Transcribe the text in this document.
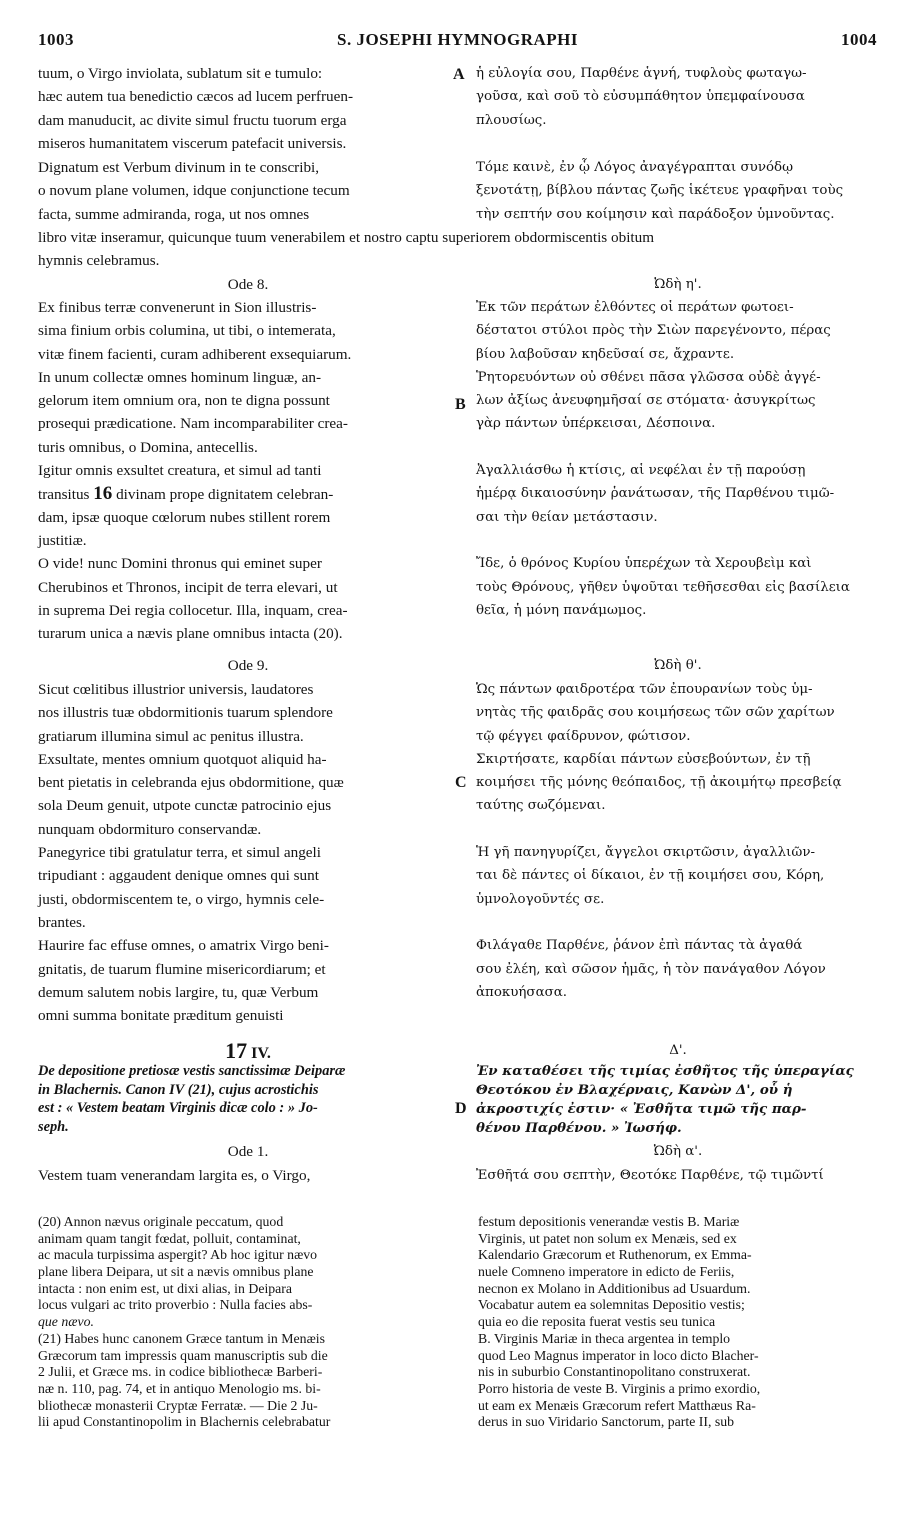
1003	S. JOSEPHI HYMNOGRAPHI	1004
A
B
C
D
tuum, o Virgo inviolata, sublatum sit e tumulo:
hæc autem tua benedictio cæcos ad lucem perfruen-
dam manuducit, ac divite simul fructu tuorum erga
miseros humanitatem viscerum patefacit universis.
ἡ εὐλογία σου, Παρθένε ἁγνή, τυφλοὺς φωταγω-
γοῦσα, καὶ σοῦ τὸ εὐσυμπάθητον ὑπεμφαίνουσα
πλουσίως.
Dignatum est Verbum divinum in te conscribi,
o novum plane volumen, idque conjunctione tecum
facta, summe admiranda, roga, ut nos omnes
Τόμε καινὲ, ἐν ᾧ Λόγος ἀναγέγραπται συνόδῳ
ξενοτάτῃ, βίβλου πάντας ζωῆς ἱκέτευε γραφῆναι τοὺς
τὴν σεπτήν σου κοίμησιν καὶ παράδοξον ὑμνοῦντας.
libro vitæ inseramur, quicunque tuum venerabilem et nostro captu superiorem obdormiscentis obitum
hymnis celebramus.
Ode 8.	Ὠδὴ η'.
Ex finibus terræ convenerunt in Sion illustris-
sima finium orbis columina, ut tibi, o intemerata,
vitæ finem facienti, curam adhiberent exsequiarum.
In unum collectæ omnes hominum linguæ, an-
gelorum item omnium ora, non te digna possunt
prosequi prædicatione. Nam incomparabiliter crea-
turis omnibus, o Domina, antecellis.
Igitur omnis exsultet creatura, et simul ad tanti
transitus 16 divinam prope dignitatem celebran-
dam, ipsæ quoque cœlorum nubes stillent rorem
justitiæ.
O vide! nunc Domini thronus qui eminet super
Cherubinos et Thronos, incipit de terra elevari, ut
in suprema Dei regia collocetur. Illa, inquam, crea-
turarum unica a nævis plane omnibus intacta (20).
Ἐκ τῶν περάτων ἐλθόντες οἱ περάτων φωτοει-
δέστατοι στύλοι πρὸς τὴν Σιὼν παρεγένοντο, πέρας
βίου λαβοῦσαν κηδεῦσαί σε, ἄχραντε.
Ῥητορευόντων οὐ σθένει πᾶσα γλῶσσα οὐδὲ ἀγγέ-
λων ἀξίως ἀνευφημῆσαί σε στόματα· ἀσυγκρίτως
γὰρ πάντων ὑπέρκεισαι, Δέσποινα.
Ἀγαλλιάσθω ἡ κτίσις, αἱ νεφέλαι ἐν τῇ παρούσῃ
ἡμέρᾳ δικαιοσύνην ῥανάτωσαν, τῆς Παρθένου τιμῶ-
σαι τὴν θείαν μετάστασιν.
Ἴδε, ὁ θρόνος Κυρίου ὑπερέχων τὰ Χερουβεὶμ καὶ
τοὺς Θρόνους, γῆθεν ὑψοῦται τεθῆσεσθαι εἰς βασίλεια
θεῖα, ἡ μόνη πανάμωμος.
Ode 9.	Ὠδὴ θ'.
Sicut cœlitibus illustrior universis, laudatores
nos illustris tuæ obdormitionis tuarum splendore
gratiarum illumina simul ac penitus illustra.
Exsultate, mentes omnium quotquot aliquid ha-
bent pietatis in celebranda ejus obdormitione, quæ
sola Deum genuit, utpote cunctæ patrocinio ejus
nunquam obdormituro conservandæ.
Panegyrice tibi gratulatur terra, et simul angeli
tripudiant : aggaudent denique omnes qui sunt
justi, obdormiscentem te, o virgo, hymnis cele-
brantes.
Haurire fac effuse omnes, o amatrix Virgo beni-
gnitatis, de tuarum flumine misericordiarum; et
demum salutem nobis largire, tu, quæ Verbum
omni summa bonitate præditum genuisti
Ὡς πάντων φαιδροτέρα τῶν ἐπουρανίων τοὺς ὑμ-
νητὰς τῆς φαιδρᾶς σου κοιμήσεως τῶν σῶν χαρίτων
τῷ φέγγει φαίδρυνον, φώτισον.
Σκιρτήσατε, καρδίαι πάντων εὐσεβούντων, ἐν τῇ
κοιμήσει τῆς μόνης θεόπαιδος, τῇ ἀκοιμήτῳ πρεσβείᾳ
ταύτης σωζόμεναι.
Ἡ γῆ πανηγυρίζει, ἄγγελοι σκιρτῶσιν, ἀγαλλιῶν-
ται δὲ πάντες οἱ δίκαιοι, ἐν τῇ κοιμήσει σου, Κόρη,
ὑμνολογοῦντές σε.
Φιλάγαθε Παρθένε, ῥάνον ἐπὶ πάντας τὰ ἀγαθά
σου ἐλέη, καὶ σῶσον ἡμᾶς, ἡ τὸν πανάγαθον Λόγον
ἀποκυήσασα.
17 IV.	Δ'.
De depositione pretiosæ vestis sanctissimæ Deiparæ
in Blachernis. Canon IV (21), cujus acrostichis
est : « Vestem beatam Virginis dicæ colo : » Jo-
seph.
Ἐν καταθέσει τῆς τιμίας ἐσθῆτος τῆς ὑπεραγίας
Θεοτόκου ἐν Βλαχέρναις, Κανὼν Δ', οὗ ἡ
ἀκροστιχίς ἐστιν· « Ἐσθῆτα τιμῶ τῆς παρ-
θένου Παρθένου. » Ἰωσήφ.
Ode 1.	Ὠδὴ α'.
Vestem tuam venerandam largita es, o Virgo,	Ἐσθῆτά σου σεπτὴν, Θεοτόκε Παρθένε, τῷ τιμῶντί
(20) Annon nævus originale peccatum, quod
animam quam tangit fœdat, polluit, contaminat,
ac macula turpissima aspergit? Ab hoc igitur nævo
plane libera Deipara, ut sit a nævis omnibus plane
intacta : non enim est, ut dixi alias, in Deipara
locus vulgari ac trito proverbio : Nulla facies abs-
que nævo.
(21) Habes hunc canonem Græce tantum in Menæis
Græcorum tam impressis quam manuscriptis sub die
2 Julii, et Græce ms. in codice bibliothecæ Barberi-
næ n. 110, pag. 74, et in antiquo Menologio ms. bi-
bliothecæ monasterii Cryptæ Ferratæ. — Die 2 Ju-
lii apud Constantinopolim in Blachernis celebrabatur
festum depositionis venerandæ vestis B. Mariæ
Virginis, ut patet non solum ex Menæis, sed ex
Kalendario Græcorum et Ruthenorum, ex Emma-
nuele Comneno imperatore in edicto de Feriis,
necnon ex Molano in Additionibus ad Usuardum.
Vocabatur autem ea solemnitas Depositio vestis;
quia eo die reposita fuerat vestis seu tunica
B. Virginis Mariæ in theca argentea in templo
quod Leo Magnus imperator in loco dicto Blacher-
nis in suburbio Constantinopolitano construxerat.
Porro historia de veste B. Virginis a primo exordio,
ut eam ex Menæis Græcorum refert Matthæus Ra-
derus in suo Viridario Sanctorum, parte II, sub
